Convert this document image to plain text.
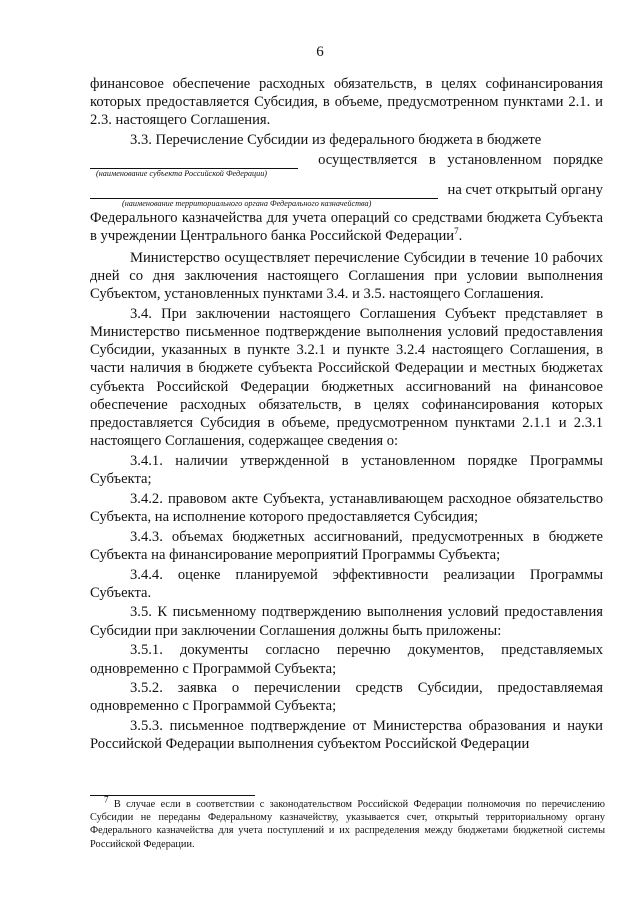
6

финансовое обеспечение расходных обязательств, в целях софинансирования которых предоставляется Субсидия, в объеме, предусмотренном пунктами 2.1. и 2.3. настоящего Соглашения.

3.3. Перечисление Субсидии из федерального бюджета в бюджете

осуществляется в установленном порядке
(наименование субъекта Российской Федерации)
на счет открытый органу
(наименование территориального органа Федерального казначейства)

Федерального казначейства для учета операций со средствами бюджета Субъекта в учреждении Центрального банка Российской Федерации$^7$.

Министерство осуществляет перечисление Субсидии в течение 10 рабочих дней со дня заключения настоящего Соглашения при условии выполнения Субъектом, установленных пунктами 3.4. и 3.5. настоящего Соглашения.

3.4. При заключении настоящего Соглашения Субъект представляет в Министерство письменное подтверждение выполнения условий предоставления Субсидии, указанных в пункте 3.2.1 и пункте 3.2.4 настоящего Соглашения, в части наличия в бюджете субъекта Российской Федерации и местных бюджетах субъекта Российской Федерации бюджетных ассигнований на финансовое обеспечение расходных обязательств, в целях софинансирования которых предоставляется Субсидия в объеме, предусмотренном пунктами 2.1.1 и 2.3.1 настоящего Соглашения, содержащее сведения о:

3.4.1. наличии утвержденной в установленном порядке Программы Субъекта;

3.4.2. правовом акте Субъекта, устанавливающем расходное обязательство Субъекта, на исполнение которого предоставляется Субсидия;

3.4.3. объемах бюджетных ассигнований, предусмотренных в бюджете Субъекта на финансирование мероприятий Программы Субъекта;

3.4.4. оценке планируемой эффективности реализации Программы Субъекта.

3.5. К письменному подтверждению выполнения условий предоставления Субсидии при заключении Соглашения должны быть приложены:

3.5.1. документы согласно перечню документов, представляемых одновременно с Программой Субъекта;

3.5.2. заявка о перечислении средств Субсидии, предоставляемая одновременно с Программой Субъекта;

3.5.3. письменное подтверждение от Министерства образования и науки Российской Федерации выполнения субъектом Российской Федерации

$^7$ В случае если в соответствии с законодательством Российской Федерации полномочия по перечислению Субсидии не переданы Федеральному казначейству, указывается счет, открытый территориальному органу Федерального казначейства для учета поступлений и их распределения между бюджетами бюджетной системы Российской Федерации.
